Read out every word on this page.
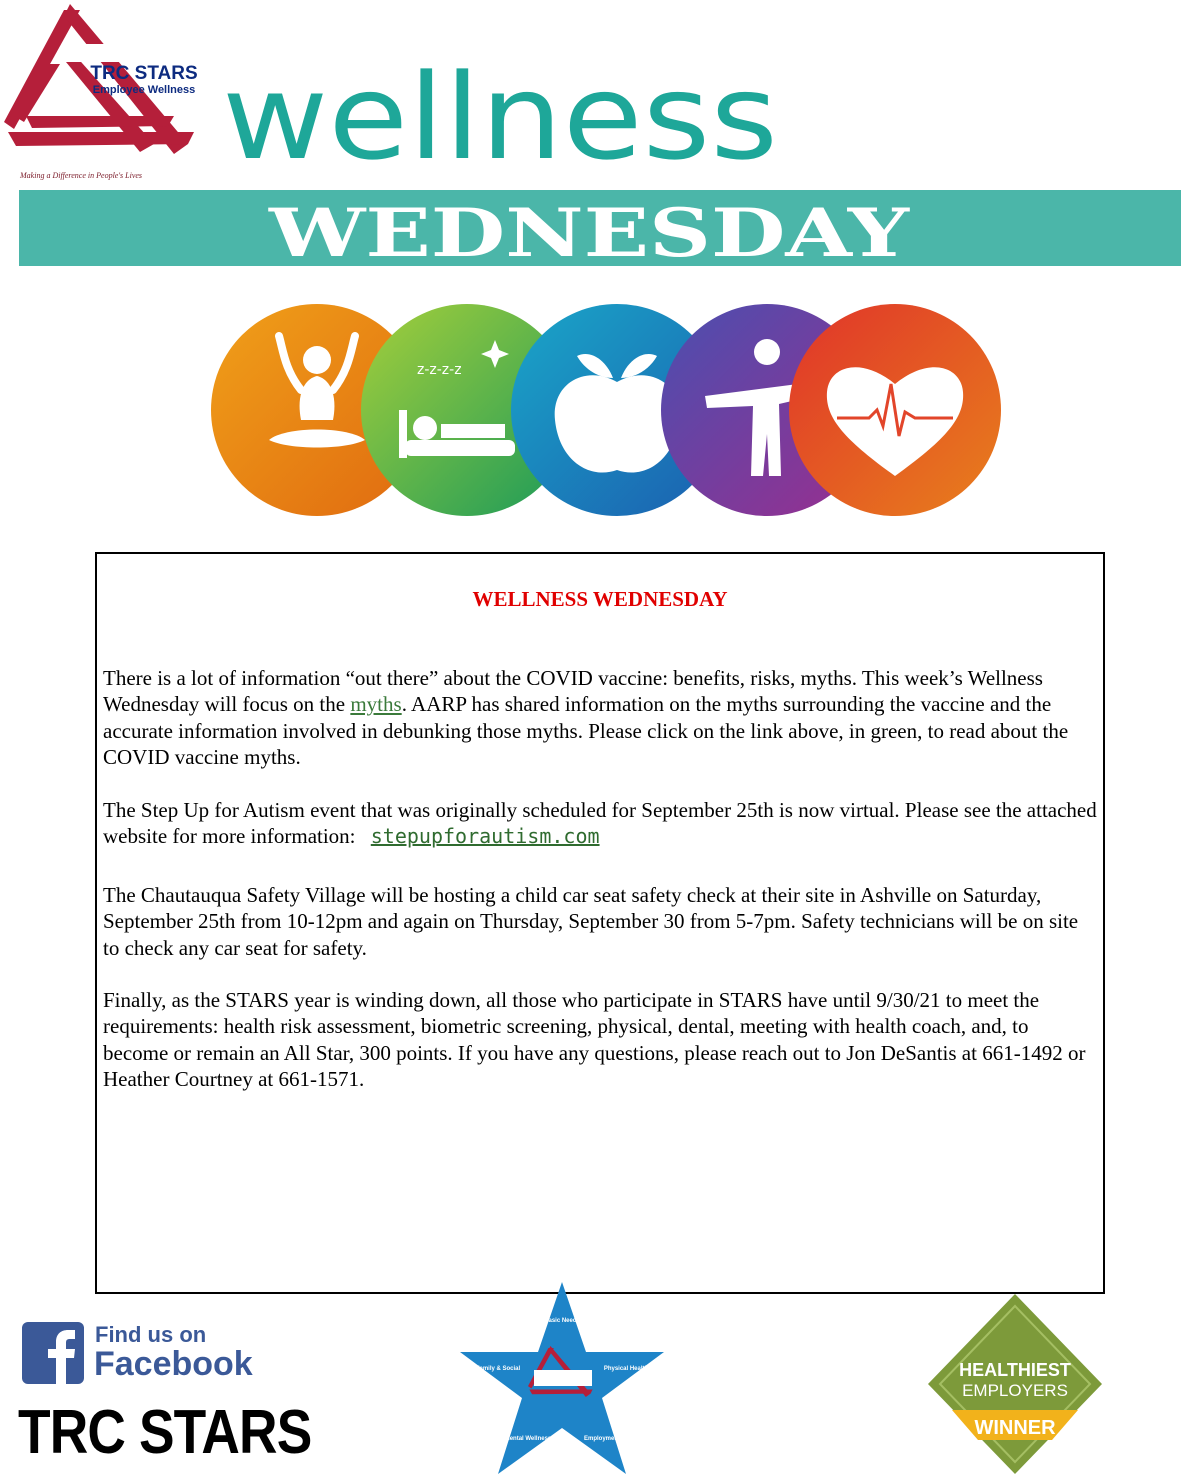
TRC STARS
Employee Wellness
Making a Difference in People's Lives wellness
WEDNESDAY
z-z-z-z
WELLNESS WEDNESDAY

There is a lot of information “out there” about the COVID vaccine: benefits, risks, myths. This week’s Wellness Wednesday will focus on the myths. AARP has shared information on the myths surrounding the vaccine and the accurate information involved in debunking those myths. Please click on the link above, in green, to read about the COVID vaccine myths.

The Step Up for Autism event that was originally scheduled for September 25th is now virtual. Please see the attached website for more information: stepupforautism.com

The Chautauqua Safety Village will be hosting a child car seat safety check at their site in Ashville on Saturday, September 25th from 10-12pm and again on Thursday, September 30 from 5-7pm. Safety technicians will be on site to check any car seat for safety.

Finally, as the STARS year is winding down, all those who participate in STARS have until 9/30/21 to meet the requirements: health risk assessment, biometric screening, physical, dental, meeting with health coach, and, to become or remain an All Star, 300 points. If you have any questions, please reach out to Jon DeSantis at 661-1492 or Heather Courtney at 661-1571.

Find us on
Facebook
TRC STARS
TRC STARS
Basic Needs
Family & Social	Physical Health
Mental Wellness	Employment
HEALTHIEST
EMPLOYERS
WINNER
